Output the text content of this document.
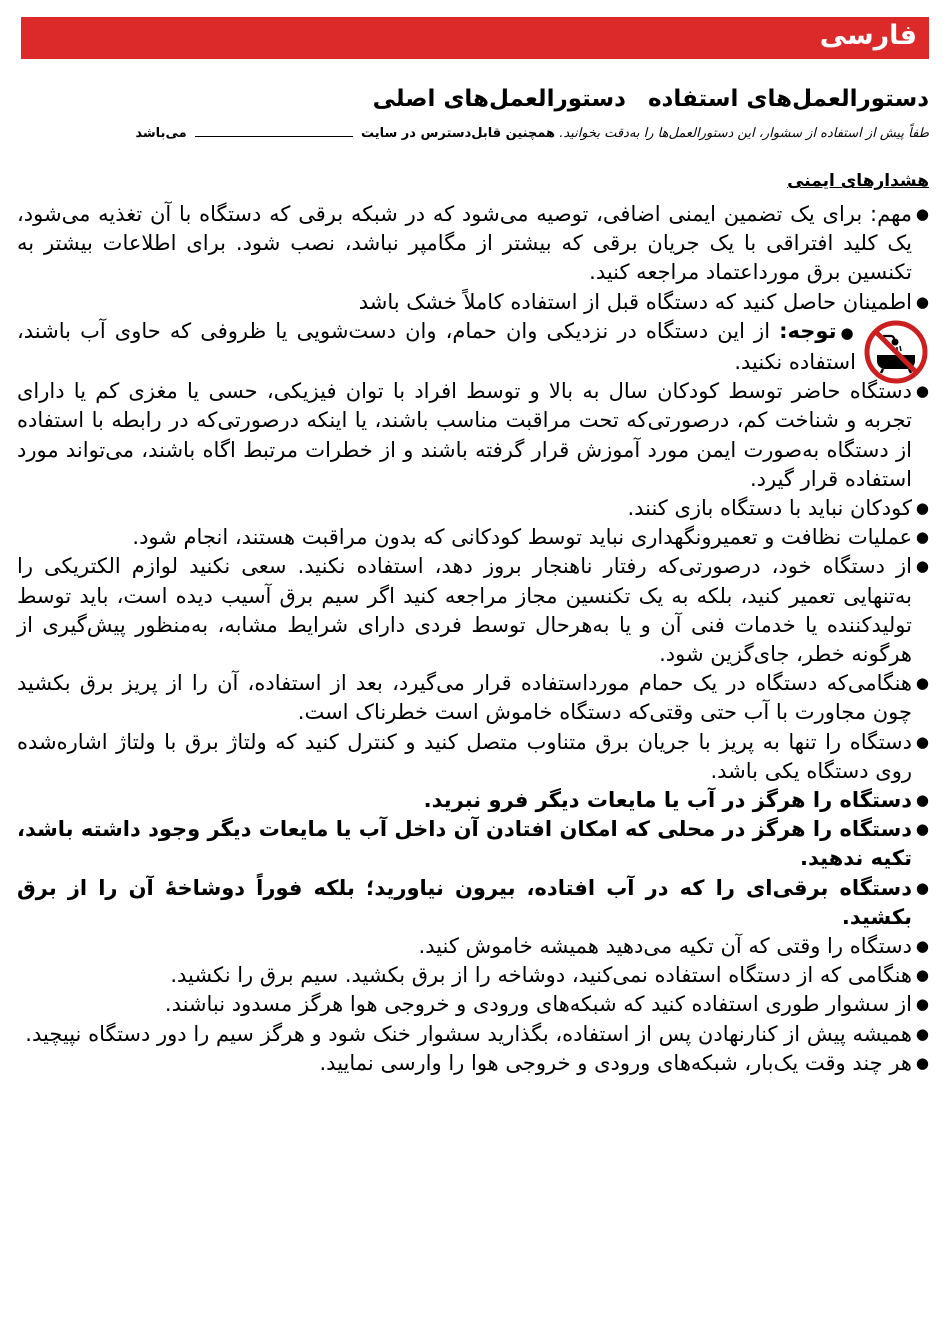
فارسی
دستورالعمل‌های استفاده دستورالعمل‌های اصلی
طفاً پیش از استفاده از سشوار، این دستورالعمل‌ها را به‌دقت بخوانید. همچنین قابل‌دسترس در سایت  می‌باشد
هشدارهای ایمنی
● مهم: برای یک تضمین ایمنی اضافی، توصیه می‌شود که در شبکه برقی که دستگاه با آن تغذیه می‌شود، یک کلید افتراقی با یک جریان برقی که بیشتر از مگامپر نباشد، نصب شود. برای اطلاعات بیشتر به تکنسین برق مورداعتماد مراجعه کنید.
● اطمینان حاصل کنید که دستگاه قبل از استفاده کاملاً خشک باشد
●توجه: از این دستگاه در نزدیکی وان حمام، وان دست‌شویی یا ظروفی که حاوی آب باشند، استفاده نکنید.
● دستگاه حاضر توسط کودکان سال به بالا و توسط افراد با توان فیزیکی، حسی یا مغزی کم یا دارای تجربه و شناخت کم، درصورتی‌که تحت مراقبت مناسب باشند، یا اینکه درصورتی‌که در رابطه با استفاده از دستگاه به‌صورت ایمن مورد آموزش قرار گرفته باشند و از خطرات مرتبط اگاه باشند، می‌تواند مورد استفاده قرار گیرد.
● کودکان نباید با دستگاه بازی کنند.
● عملیات نظافت و تعمیرونگهداری نباید توسط کودکانی که بدون مراقبت هستند، انجام شود.
● از دستگاه خود، درصورتی‌که رفتار ناهنجار بروز دهد، استفاده نکنید. سعی نکنید لوازم الکتریکی را به‌تنهایی تعمیر کنید، بلکه به یک تکنسین مجاز مراجعه کنید اگر سیم برق آسیب دیده است، باید توسط تولیدکننده یا خدمات فنی آن و یا به‌هرحال توسط فردی دارای شرایط مشابه، به‌منظور پیش‌گیری از هرگونه خطر، جای‌گزین شود.
● هنگامی‌که دستگاه در یک حمام مورداستفاده قرار می‌گیرد، بعد از استفاده، آن را از پریز برق بکشید چون مجاورت با آب حتی وقتی‌که دستگاه خاموش است خطرناک است.
● دستگاه را تنها به پریز با جریان برق متناوب متصل کنید و کنترل کنید که ولتاژ برق با ولتاژ اشاره‌شده روی دستگاه یکی باشد.
● دستگاه را هرگز در آب یا مایعات دیگر فرو نبرید.
● دستگاه را هرگز در محلی که امکان افتادن آن داخل آب یا مایعات دیگر وجود داشته باشد، تکیه ندهید.
● دستگاه برقی‌ای را که در آب افتاده، بیرون نیاورید؛ بلکه فوراً دوشاخهٔ آن را از برق بکشید.
● دستگاه را وقتی که آن تکیه می‌دهید همیشه خاموش کنید.
● هنگامی که از دستگاه استفاده نمی‌کنید، دوشاخه را از برق بکشید. سیم برق را نکشید.
● از سشوار طوری استفاده کنید که شبکه‌های ورودی و خروجی هوا هرگز مسدود نباشند.
● همیشه پیش از کنارنهادن پس از استفاده، بگذارید سشوار خنک شود و هرگز سیم را دور دستگاه نپیچید.
● هر چند وقت یک‌بار، شبکه‌های ورودی و خروجی هوا را وارسی نمایید.
